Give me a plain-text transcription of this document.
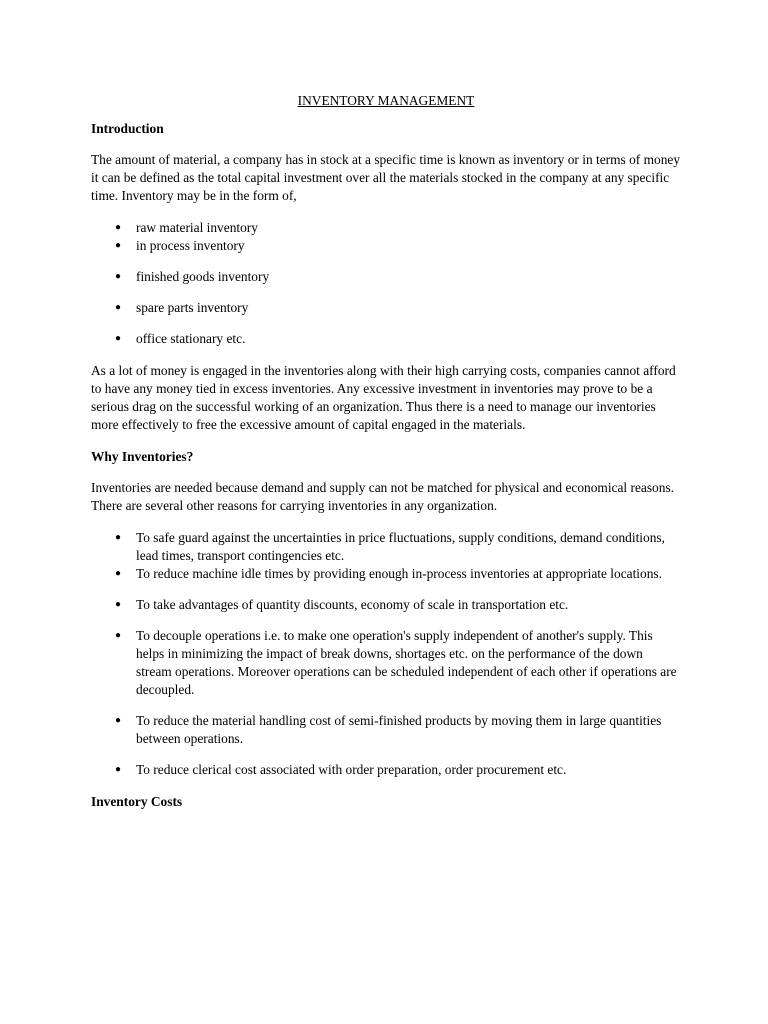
INVENTORY MANAGEMENT
Introduction

The amount of material, a company has in stock at a specific time is known as inventory or in terms of money it can be defined as the total capital investment over all the materials stocked in the company at any specific time. Inventory may be in the form of,

● raw material inventory
● in process inventory
● finished goods inventory
● spare parts inventory
● office stationary etc.

As a lot of money is engaged in the inventories along with their high carrying costs, companies cannot afford to have any money tied in excess inventories. Any excessive investment in inventories may prove to be a serious drag on the successful working of an organization. Thus there is a need to manage our inventories more effectively to free the excessive amount of capital engaged in the materials.

Why Inventories?

Inventories are needed because demand and supply can not be matched for physical and economical reasons. There are several other reasons for carrying inventories in any organization.

● To safe guard against the uncertainties in price fluctuations, supply conditions, demand conditions, lead times, transport contingencies etc.
● To reduce machine idle times by providing enough in-process inventories at appropriate locations.
● To take advantages of quantity discounts, economy of scale in transportation etc.
● To decouple operations i.e. to make one operation's supply independent of another's supply. This helps in minimizing the impact of break downs, shortages etc. on the performance of the down stream operations. Moreover operations can be scheduled independent of each other if operations are decoupled.
● To reduce the material handling cost of semi-finished products by moving them in large quantities between operations.
● To reduce clerical cost associated with order preparation, order procurement etc.
Inventory Costs
